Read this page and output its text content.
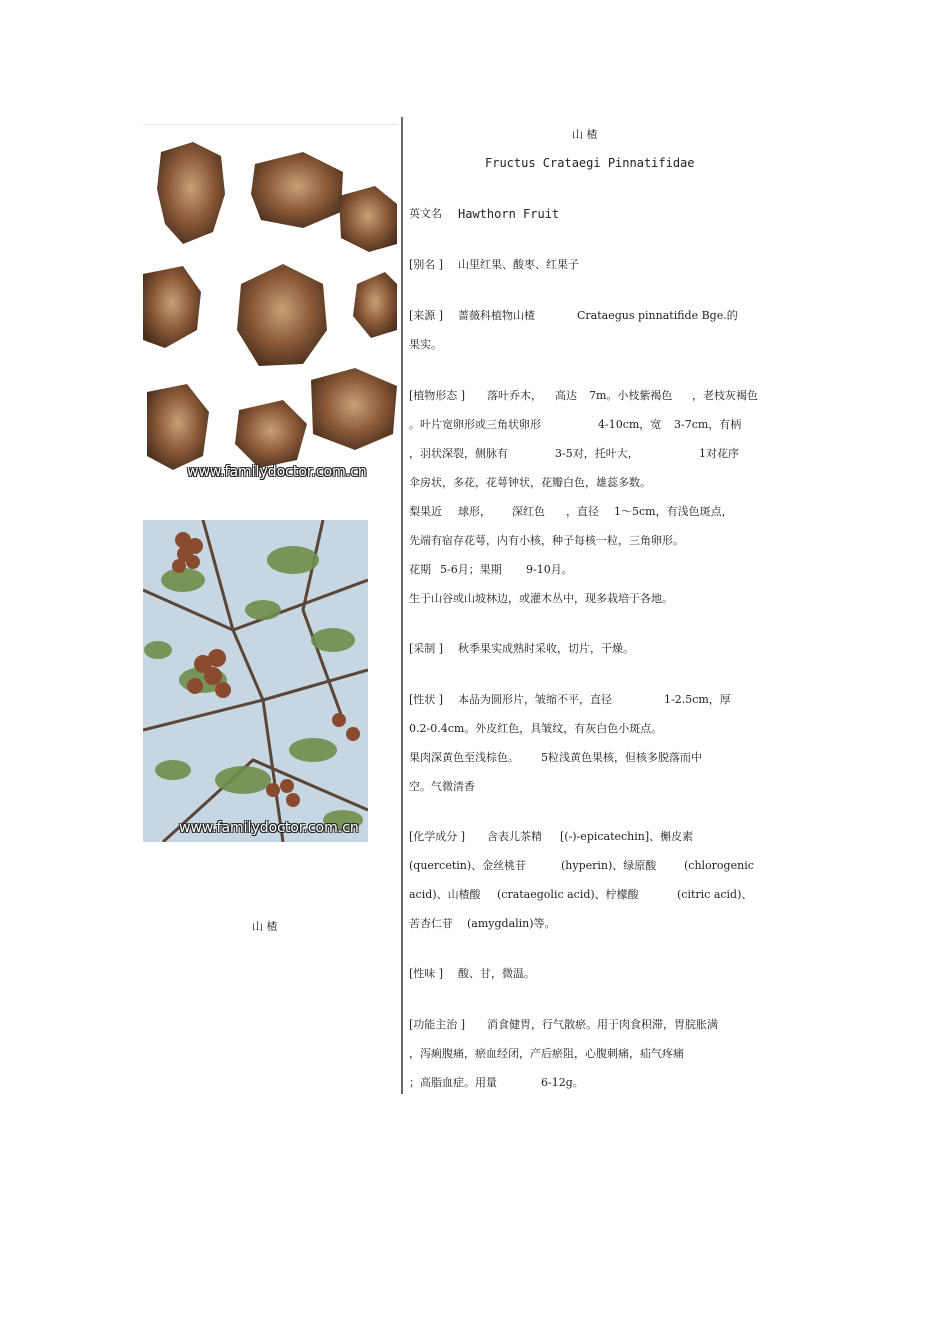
www.familydoctor.com.cn
www.familydoctor.com.cn
山 楂
山 楂
Fructus Crataegi Pinnatifidae
英文名 Hawthorn Fruit
[别名 ] 山里红果、酸枣、红果子
[来源 ] 蔷薇科植物山楂	Crataegus pinnatifide Bge.的
果实。
[植物形态 ] 落叶乔木， 高达 7m。小枝紫褐色 ，老枝灰褐色
。叶片宽卵形或三角状卵形	4-10cm，宽 3-7cm，有柄
，羽状深裂，侧脉有	3-5对，托叶大，	1对花序
伞房状，多花，花萼钟状，花瓣白色，雄蕊多数。
梨果近 球形， 深红色 ，直径 1～5cm，有浅色斑点，
先端有宿存花萼，内有小核，种子每核一粒，三角卵形。
花期 5-6月；果期 9-10月。
生于山谷或山坡林边，或灌木丛中，现多栽培于各地。
[采制 ] 秋季果实成熟时采收，切片，干燥。
[性状 ] 本品为圆形片，皱缩不平，直径	1-2.5cm，厚
0.2-0.4cm。外皮红色，具皱纹，有灰白色小斑点。
果肉深黄色至浅棕色。 5粒浅黄色果核，但核多脱落而中
空。气微清香
[化学成分 ] 含表儿茶精 [(-)-epicatechin]、槲皮素
(quercetin)、金丝桃苷	(hyperin)、绿原酸	(chlorogenic
acid)、山楂酸 (crataegolic acid)、柠檬酸	(citric acid)、
苦杏仁苷 (amygdalin)等。
[性味 ] 酸、甘，微温。
[功能主治 ] 消食健胃，行气散瘀。用于肉食积滞，胃脘胀满
，泻痢腹痛，瘀血经闭，产后瘀阻，心腹刺痛，疝气疼痛
；高脂血症。用量	6-12g。
